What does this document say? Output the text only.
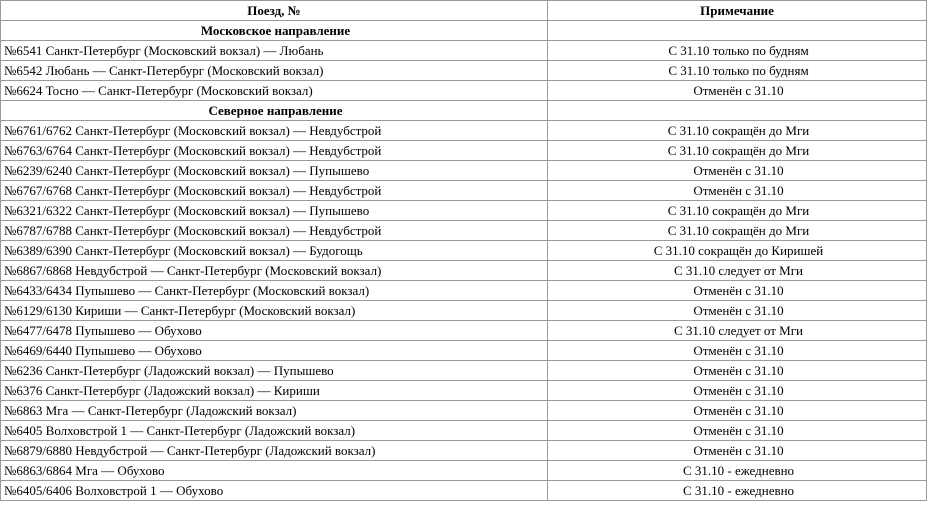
Поезд, №	Примечание
Московское направление	
№6541 Санкт-Петербург (Московский вокзал) — Любань	С 31.10 только по будням
№6542 Любань — Санкт-Петербург (Московский вокзал)	С 31.10 только по будням
№6624 Тосно — Санкт-Петербург (Московский вокзал)	Отменён с 31.10
Северное направление	
№6761/6762 Санкт-Петербург (Московский вокзал) — Невдубстрой	С 31.10 сокращён до Мги
№6763/6764 Санкт-Петербург (Московский вокзал) — Невдубстрой	С 31.10 сокращён до Мги
№6239/6240 Санкт-Петербург (Московский вокзал) — Пупышево	Отменён с 31.10
№6767/6768 Санкт-Петербург (Московский вокзал) — Невдубстрой	Отменён с 31.10
№6321/6322 Санкт-Петербург (Московский вокзал) — Пупышево	С 31.10 сокращён до Мги
№6787/6788 Санкт-Петербург (Московский вокзал) — Невдубстрой	С 31.10 сокращён до Мги
№6389/6390 Санкт-Петербург (Московский вокзал) — Будогощь	С 31.10 сокращён до Киришей
№6867/6868 Невдубстрой — Санкт-Петербург (Московский вокзал)	С 31.10 следует от Мги
№6433/6434 Пупышево — Санкт-Петербург (Московский вокзал)	Отменён с 31.10
№6129/6130 Кириши — Санкт-Петербург (Московский вокзал)	Отменён с 31.10
№6477/6478 Пупышево — Обухово	С 31.10 следует от Мги
№6469/6440 Пупышево — Обухово	Отменён с 31.10
№6236 Санкт-Петербург (Ладожский вокзал) — Пупышево	Отменён с 31.10
№6376 Санкт-Петербург (Ладожский вокзал) — Кириши	Отменён с 31.10
№6863 Мга — Санкт-Петербург (Ладожский вокзал)	Отменён с 31.10
№6405 Волховстрой 1 — Санкт-Петербург (Ладожский вокзал)	Отменён с 31.10
№6879/6880 Невдубстрой — Санкт-Петербург (Ладожский вокзал)	Отменён с 31.10
№6863/6864 Мга — Обухово	С 31.10 - ежедневно
№6405/6406 Волховстрой 1 — Обухово	С 31.10 - ежедневно
